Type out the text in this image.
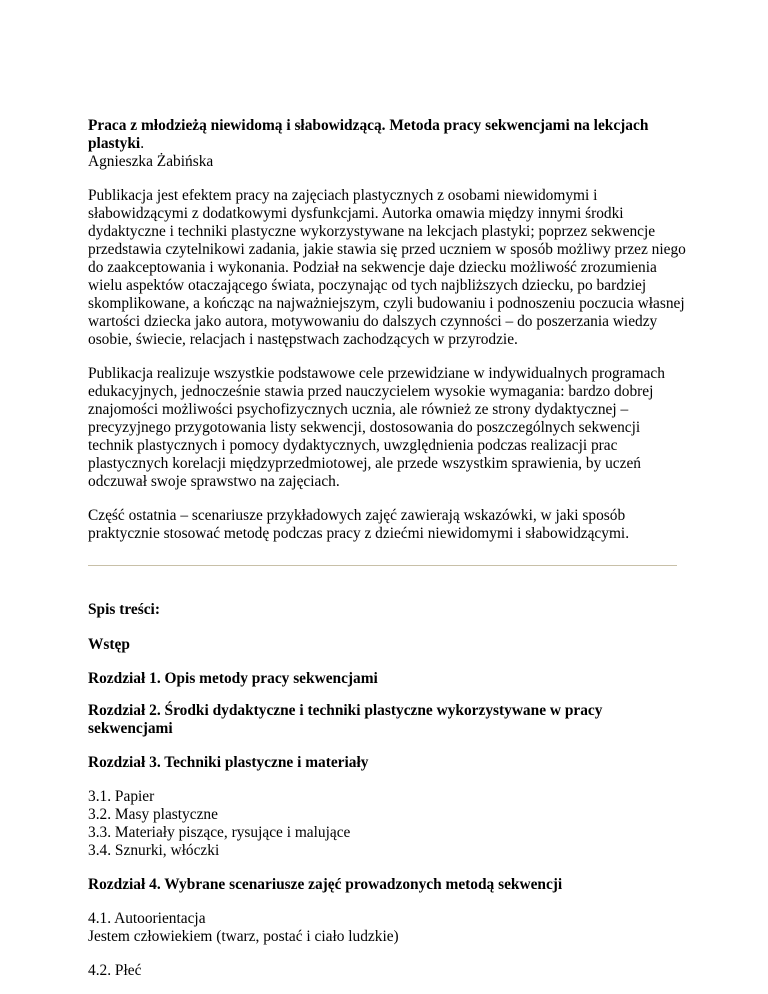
Praca z młodzieżą niewidomą i słabowidzącą. Metoda pracy sekwencjami na lekcjach plastyki.

Agnieszka Żabińska

Publikacja jest efektem pracy na zajęciach plastycznych z osobami niewidomymi i słabowidzącymi z dodatkowymi dysfunkcjami. Autorka omawia między innymi środki dydaktyczne i techniki plastyczne wykorzystywane na lekcjach plastyki; poprzez sekwencje przedstawia czytelnikowi zadania, jakie stawia się przed uczniem w sposób możliwy przez niego do zaakceptowania i wykonania. Podział na sekwencje daje dziecku możliwość zrozumienia wielu aspektów otaczającego świata, poczynając od tych najbliższych dziecku, po bardziej skomplikowane, a kończąc na najważniejszym, czyli budowaniu i podnoszeniu poczucia własnej wartości dziecka jako autora, motywowaniu do dalszych czynności – do poszerzania wiedzy osobie, świecie, relacjach i następstwach zachodzących w przyrodzie.

Publikacja realizuje wszystkie podstawowe cele przewidziane w indywidualnych programach edukacyjnych, jednocześnie stawia przed nauczycielem wysokie wymagania: bardzo dobrej znajomości możliwości psychofizycznych ucznia, ale również ze strony dydaktycznej – precyzyjnego przygotowania listy sekwencji, dostosowania do poszczególnych sekwencji technik plastycznych i pomocy dydaktycznych, uwzględnienia podczas realizacji prac plastycznych korelacji międzyprzedmiotowej, ale przede wszystkim sprawienia, by uczeń odczuwał swoje sprawstwo na zajęciach.

Część ostatnia – scenariusze przykładowych zajęć zawierają wskazówki, w jaki sposób praktycznie stosować metodę podczas pracy z dziećmi niewidomymi i słabowidzącymi.

Spis treści:

Wstęp

Rozdział 1. Opis metody pracy sekwencjami

Rozdział 2. Środki dydaktyczne i techniki plastyczne wykorzystywane w pracy sekwencjami

Rozdział 3. Techniki plastyczne i materiały

3.1. Papier
3.2. Masy plastyczne
3.3. Materiały piszące, rysujące i malujące
3.4. Sznurki, włóczki

Rozdział 4. Wybrane scenariusze zajęć prowadzonych metodą sekwencji

4.1. Autoorientacja
Jestem człowiekiem (twarz, postać i ciało ludzkie)

4.2. Płeć
